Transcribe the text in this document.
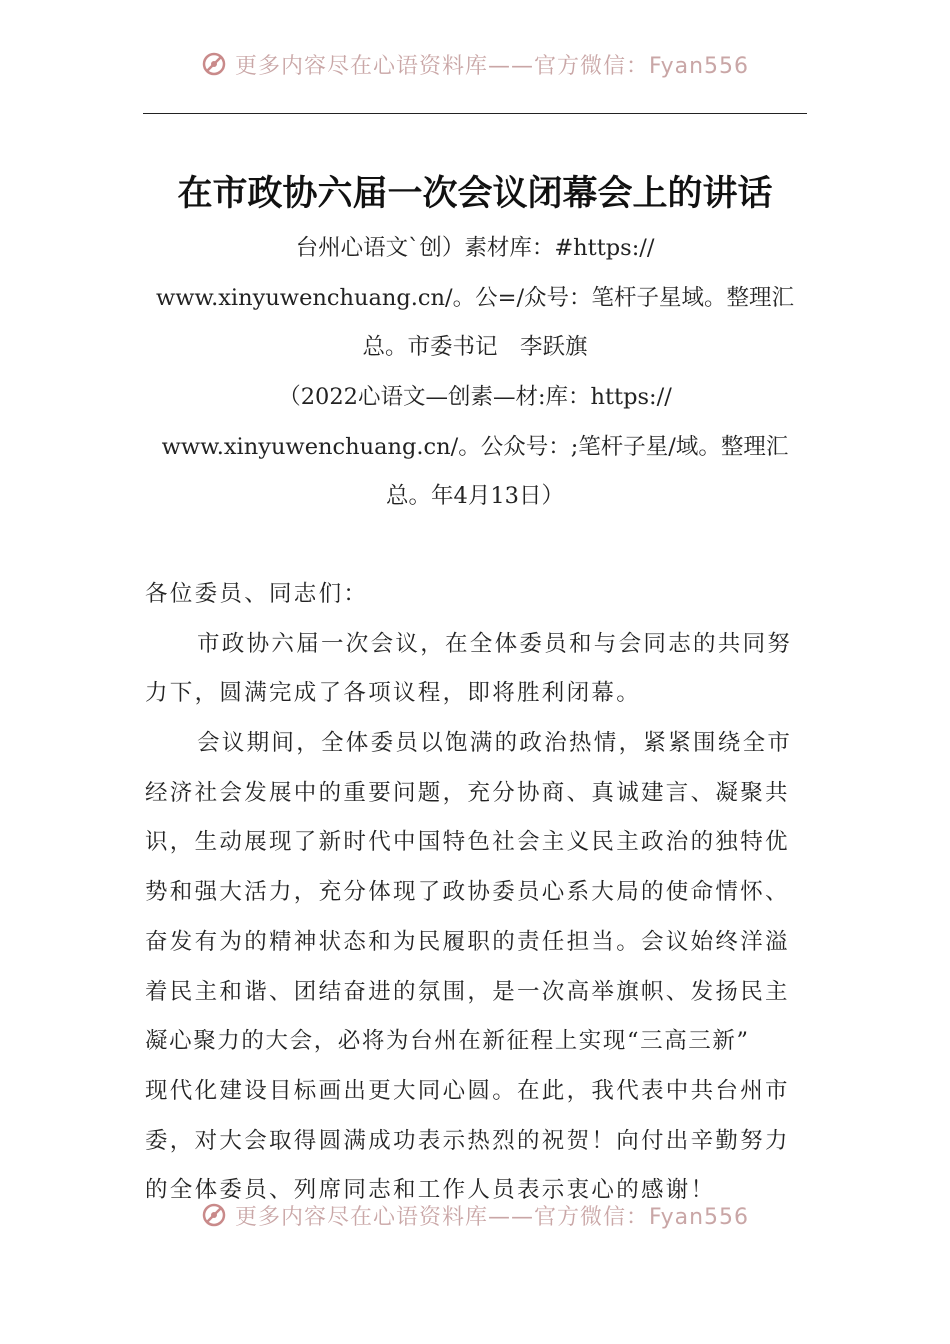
更多内容尽在心语资料库——官方微信：Fyan556
在市政协六届一次会议闭幕会上的讲话
台州心语文`创）素材库：#https://
www.xinyuwenchuang.cn/。公=/众号：笔杆子星域。整理汇
总。市委书记　李跃旗
（2022心语文—创素—材:库：https://
www.xinyuwenchuang.cn/。公众号：;笔杆子星/域。整理汇
总。年4月13日）
各位委员、同志们：
市政协六届一次会议，在全体委员和与会同志的共同努
力下，圆满完成了各项议程，即将胜利闭幕。
会议期间，全体委员以饱满的政治热情，紧紧围绕全市
经济社会发展中的重要问题，充分协商、真诚建言、凝聚共
识，生动展现了新时代中国特色社会主义民主政治的独特优
势和强大活力，充分体现了政协委员心系大局的使命情怀、
奋发有为的精神状态和为民履职的责任担当。会议始终洋溢
着民主和谐、团结奋进的氛围，是一次高举旗帜、发扬民主
凝心聚力的大会，必将为台州在新征程上实现“三高三新”
现代化建设目标画出更大同心圆。在此，我代表中共台州市
委，对大会取得圆满成功表示热烈的祝贺！向付出辛勤努力
的全体委员、列席同志和工作人员表示衷心的感谢！
更多内容尽在心语资料库——官方微信：Fyan556
